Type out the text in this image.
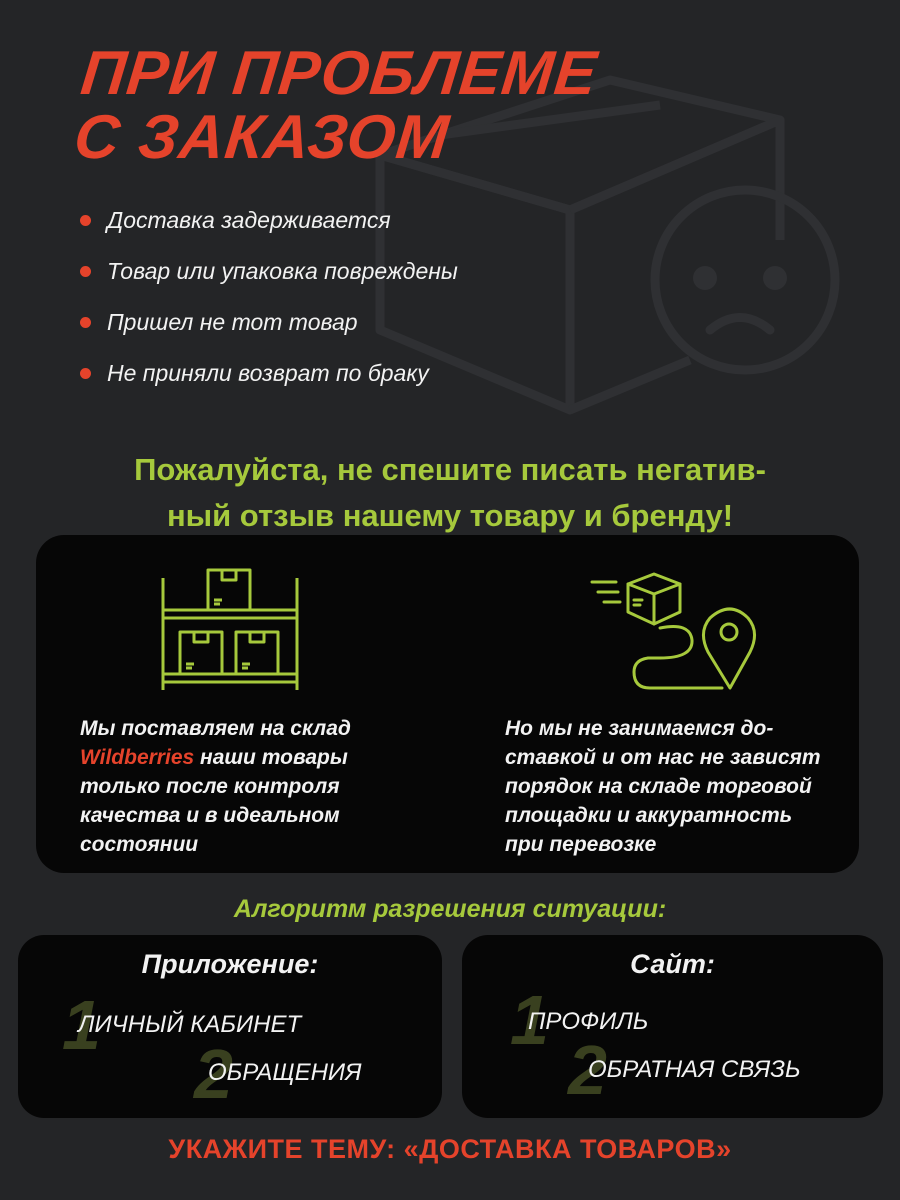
ПРИ ПРОБЛЕМЕ
С ЗАКАЗОМ
Доставка задерживается
Товар или упаковка повреждены
Пришел не тот товар
Не приняли возврат по браку
Пожалуйста, не спешите писать негатив-
ный отзыв нашему товару и бренду!
Мы поставляем на склад
Wildberries наши товары
только после контроля
качества и в идеальном
состоянии
Но мы не занимаемся до-
ставкой и от нас не зависят
порядок на складе торговой
площадки и аккуратность
при перевозке
Алгоритм разрешения ситуации:
Приложение:
1
ЛИЧНЫЙ КАБИНЕТ
2
ОБРАЩЕНИЯ
Сайт:
1
ПРОФИЛЬ
2
ОБРАТНАЯ СВЯЗЬ
УКАЖИТЕ ТЕМУ: «ДОСТАВКА ТОВАРОВ»
